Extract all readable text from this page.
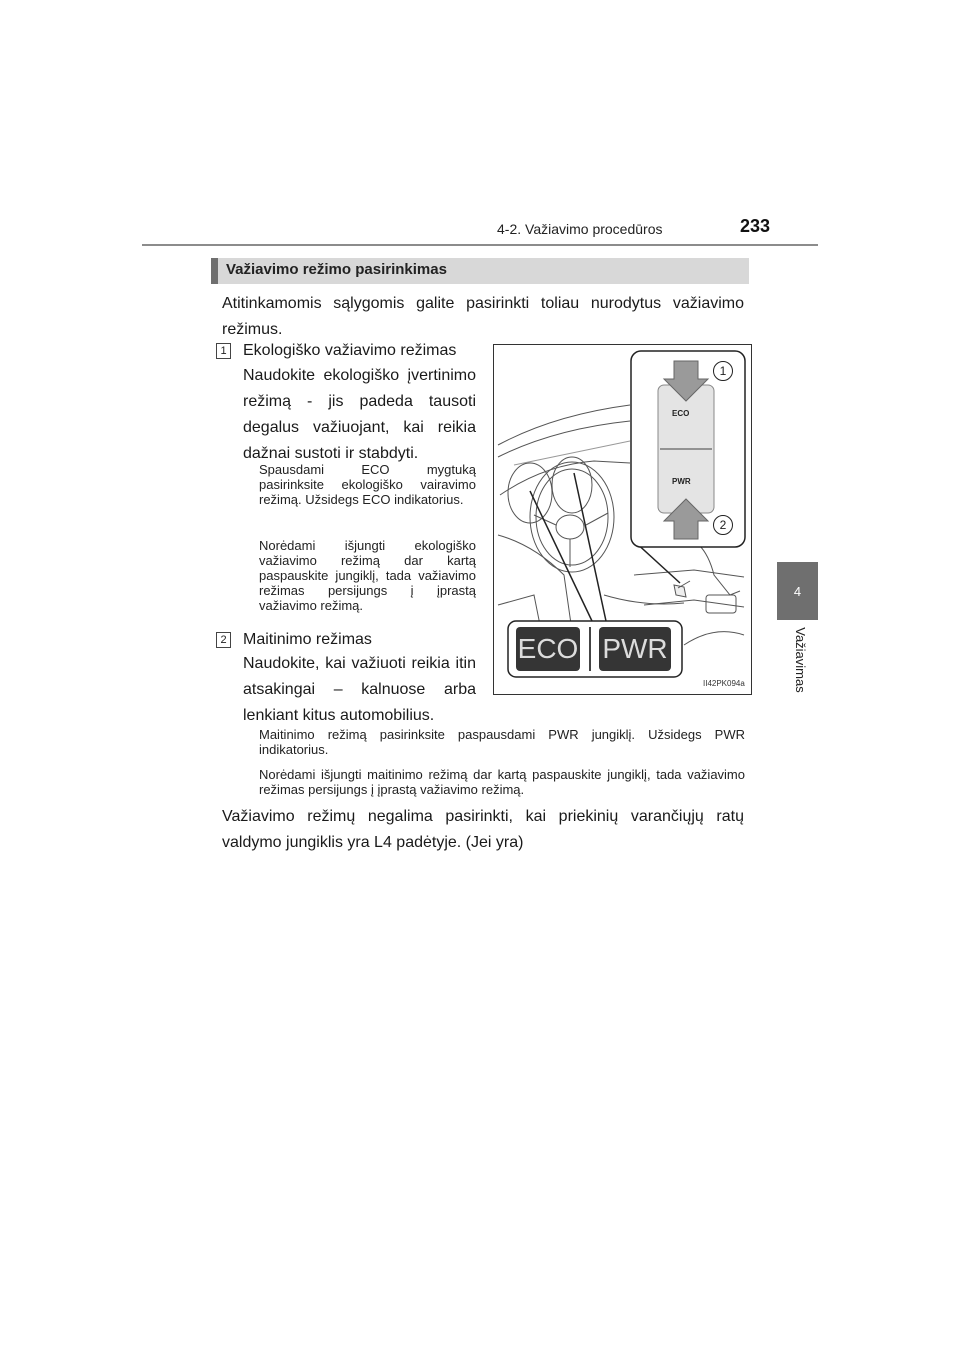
4-2. Važiavimo procedūros	233
4
Važiavimas
Važiavimo režimo pasirinkimas
Atitinkamomis sąlygomis galite pasirinkti toliau nurodytus važiavimo režimus.
1 Ekologiško važiavimo režimas
Naudokite ekologiško įvertinimo režimą - jis padeda tausoti degalus važiuojant, kai reikia dažnai sustoti ir stabdyti.
Spausdami ECO mygtuką pasirinksite ekologiško vairavimo režimą. Užsidegs ECO indikatorius.
Norėdami išjungti ekologiško važiavimo režimą dar kartą paspauskite jungiklį, tada važiavimo režimas persijungs į įprastą važiavimo režimą.
2 Maitinimo režimas
Naudokite, kai važiuoti reikia itin atsakingai – kalnuose arba lenkiant kitus automobilius.
Maitinimo režimą pasirinksite paspausdami PWR jungiklį. Užsidegs PWR indikatorius.
Norėdami išjungti maitinimo režimą dar kartą paspauskite jungiklį, tada važiavimo režimas persijungs į įprastą važiavimo režimą.
Važiavimo režimų negalima pasirinkti, kai priekinių varančiųjų ratų valdymo jungiklis yra L4 padėtyje. (Jei yra)
ECO
PWR
1
2
ECO PWR
II42PK094a
